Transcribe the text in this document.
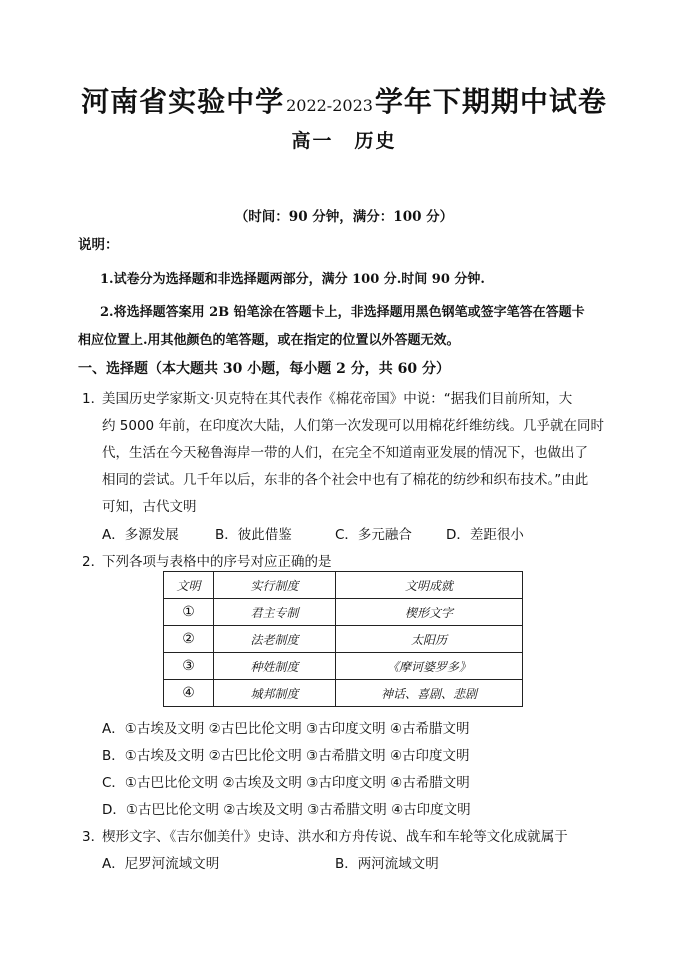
河南省实验中学 2022-2023学年下期期中试卷
高一　历史
（时间：90 分钟，满分：100 分）
说明：
1.试卷分为选择题和非选择题两部分，满分 100 分.时间 90 分钟.
2.将选择题答案用 2B 铅笔涂在答题卡上，非选择题用黑色钢笔或签字笔答在答题卡
相应位置上.用其他颜色的笔答题，或在指定的位置以外答题无效。
一、选择题（本大题共 30 小题，每小题 2 分，共 60 分）
1．
美国历史学家斯文·贝克特在其代表作《棉花帝国》中说：“据我们目前所知，大
约 5000 年前，在印度次大陆，人们第一次发现可以用棉花纤维纺线。几乎就在同时
代，生活在今天秘鲁海岸一带的人们，在完全不知道南亚发展的情况下，也做出了
相同的尝试。几千年以后，东非的各个社会中也有了棉花的纺纱和织布技术。”由此
可知，古代文明
A．多源发展	B．彼此借鉴	C．多元融合	D．差距很小
2．
下列各项与表格中的序号对应正确的是
文明	实行制度	文明成就
①	君主专制	楔形文字
②	法老制度	太阳历
③	种姓制度	《摩诃婆罗多》
④	城邦制度	神话、喜剧、悲剧
A．①古埃及文明 ②古巴比伦文明 ③古印度文明 ④古希腊文明
B．①古埃及文明 ②古巴比伦文明 ③古希腊文明 ④古印度文明
C．①古巴比伦文明 ②古埃及文明 ③古印度文明 ④古希腊文明
D．①古巴比伦文明 ②古埃及文明 ③古希腊文明 ④古印度文明
3．
楔形文字、《吉尔伽美什》史诗、洪水和方舟传说、战车和车轮等文化成就属于
A．尼罗河流域文明	B．两河流域文明
